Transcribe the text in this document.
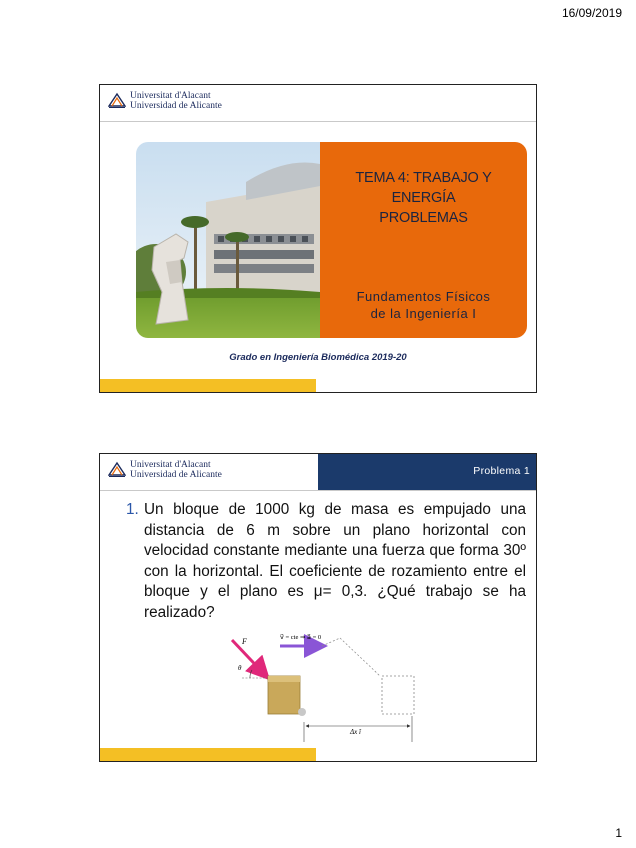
16/09/2019
Universitat d'Alacant
Universidad de Alicante
TEMA 4: TRABAJO Y
ENERGÍA
PROBLEMAS
Fundamentos Físicos
de la Ingeniería I
Grado en Ingeniería Biomédica 2019-20
Universitat d'Alacant
Universidad de Alicante	Problema 1
1. Un bloque de 1000 kg de masa es empujado una distancia de 6 m sobre un plano horizontal con velocidad constante mediante una fuerza que forma 30º con la horizontal. El coeficiente de rozamiento entre el bloque y el plano es μ= 0,3. ¿Qué trabajo se ha realizado?
F⃗
θ
v⃗ = cte ⇒ a⃗ = 0
Δx î
1
